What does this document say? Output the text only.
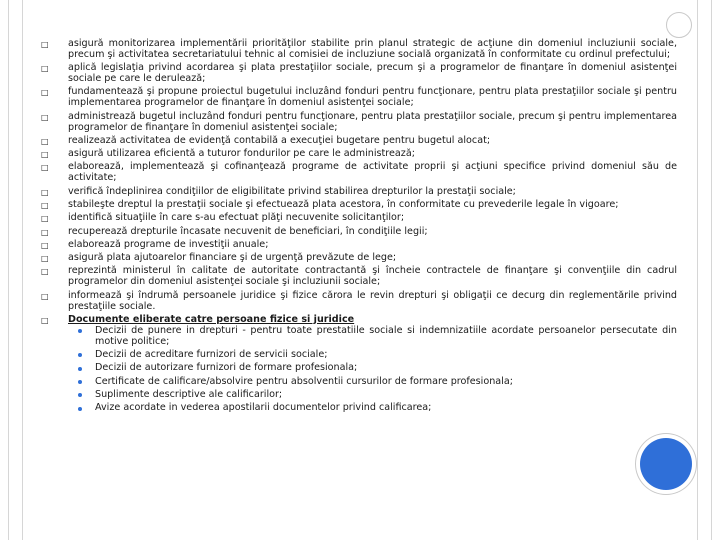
□ asigură monitorizarea implementării priorităţilor stabilite prin planul strategic de acţiune din domeniul incluziunii sociale, precum şi activitatea secretariatului tehnic al comisiei de incluziune socială organizată în conformitate cu ordinul prefectului;
□ aplică legislaţia privind acordarea şi plata prestaţiilor sociale, precum şi a programelor de finanţare în domeniul asistenţei sociale pe care le derulează;
□ fundamentează şi propune proiectul bugetului incluzând fonduri pentru funcţionare, pentru plata prestaţiilor sociale şi pentru implementarea programelor de finanţare în domeniul asistenţei sociale;
□ administrează bugetul incluzând fonduri pentru funcţionare, pentru plata prestaţiilor sociale, precum şi pentru implementarea programelor de finanţare în domeniul asistenţei sociale;
□ realizează activitatea de evidenţă contabilă a execuţiei bugetare pentru bugetul alocat;
□ asigură utilizarea eficientă a tuturor fondurilor pe care le administrează;
□ elaborează, implementează şi cofinanţează programe de activitate proprii şi acţiuni specifice privind domeniul său de activitate;
□ verifică îndeplinirea condiţiilor de eligibilitate privind stabilirea drepturilor la prestaţii sociale;
□ stabileşte dreptul la prestaţii sociale şi efectuează plata acestora, în conformitate cu prevederile legale în vigoare;
□ identifică situaţiile în care s-au efectuat plăţi necuvenite solicitanţilor;
□ recuperează drepturile încasate necuvenit de beneficiari, în condiţiile legii;
□ elaborează programe de investiţii anuale;
□ asigură plata ajutoarelor financiare şi de urgenţă prevăzute de lege;
□ reprezintă ministerul în calitate de autoritate contractantă şi încheie contractele de finanţare şi convenţiile din cadrul programelor din domeniul asistenţei sociale şi incluziunii sociale;
□ informează şi îndrumă persoanele juridice şi fizice cărora le revin drepturi şi obligaţii ce decurg din reglementările privind prestaţiile sociale.
□ Documente eliberate catre persoane fizice si juridice
Decizii de punere in drepturi - pentru toate prestatiile sociale si indemnizatiile acordate persoanelor persecutate din motive politice;
Decizii de acreditare furnizori de servicii sociale;
Decizii de autorizare furnizori de formare profesionala;
Certificate de calificare/absolvire pentru absolventii cursurilor de formare profesionala;
Suplimente descriptive ale calificarilor;
Avize acordate in vederea apostilarii documentelor privind calificarea;
